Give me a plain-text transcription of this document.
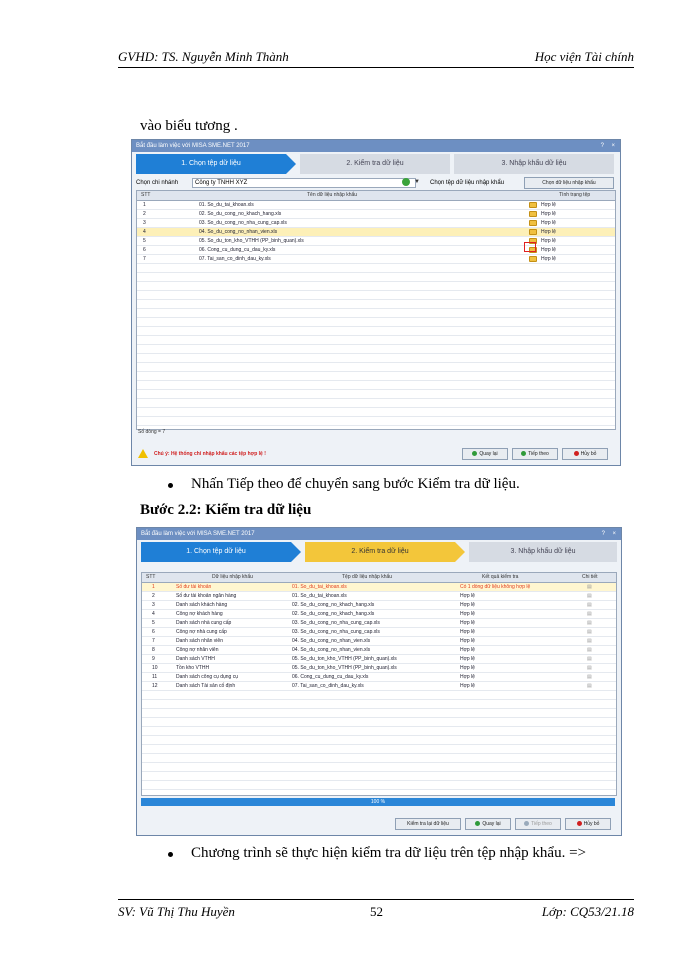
GVHD: TS. Nguyễn Minh Thành	Học viện Tài chính
vào biểu tương .
Bắt đầu làm việc với MISA SME.NET 2017	? ×
1. Chọn tệp dữ liệu	2. Kiểm tra dữ liệu	3. Nhập khẩu dữ liệu
Chọn chi nhánh	Công ty TNHH XYZ	▼ Chọn tệp dữ liệu nhập khẩu	Chọn dữ liệu nhập khẩu
STT	Tên dữ liệu nhập khẩu	Tình trạng tệp
1	01. So_du_tai_khoan.xls	Hợp lệ
2	02. So_du_cong_no_khach_hang.xls	Hợp lệ
3	03. So_du_cong_no_nha_cung_cap.xls	Hợp lệ
4	04. So_du_cong_no_nhan_vien.xls	Hợp lệ
5	05. So_du_ton_kho_VTHH (PP_binh_quan).xls	Hợp lệ
6	06. Cong_cu_dung_cu_dau_ky.xls	Hợp lệ
7	07. Tai_san_co_dinh_dau_ky.xls	Hợp lệ
Số dòng = 7
Chú ý: Hệ thống chỉ nhập khẩu các tệp hợp lệ !	Quay lại	Tiếp theo	Hủy bỏ
Nhấn Tiếp theo để chuyển sang bước Kiểm tra dữ liệu.
Bước 2.2: Kiểm tra dữ liệu
Bắt đầu làm việc với MISA SME.NET 2017	? ×
1. Chọn tệp dữ liệu	2. Kiểm tra dữ liệu	3. Nhập khẩu dữ liệu
STT	Dữ liệu nhập khẩu	Tệp dữ liệu nhập khẩu	Kết quả kiểm tra	Chi tiết
1	Số dư tài khoản	01. So_du_tai_khoan.xls	Có 1 dòng dữ liệu không hợp lệ	▤
2	Số dư tài khoản ngân hàng	01. So_du_tai_khoan.xls	Hợp lệ	▤
3	Danh sách khách hàng	02. So_du_cong_no_khach_hang.xls	Hợp lệ	▤
4	Công nợ khách hàng	02. So_du_cong_no_khach_hang.xls	Hợp lệ	▤
5	Danh sách nhà cung cấp	03. So_du_cong_no_nha_cung_cap.xls	Hợp lệ	▤
6	Công nợ nhà cung cấp	03. So_du_cong_no_nha_cung_cap.xls	Hợp lệ	▤
7	Danh sách nhân viên	04. So_du_cong_no_nhan_vien.xls	Hợp lệ	▤
8	Công nợ nhân viên	04. So_du_cong_no_nhan_vien.xls	Hợp lệ	▤
9	Danh sách VTHH	05. So_du_ton_kho_VTHH (PP_binh_quan).xls	Hợp lệ	▤
10	Tồn kho VTHH	05. So_du_ton_kho_VTHH (PP_binh_quan).xls	Hợp lệ	▤
11	Danh sách công cụ dụng cụ	06. Cong_cu_dung_cu_dau_ky.xls	Hợp lệ	▤
12	Danh sách Tài sản cố định	07. Tai_san_co_dinh_dau_ky.xls	Hợp lệ	▤
100 %
Kiểm tra lại dữ liệu	Quay lại	Tiếp theo	Hủy bỏ
Chương trình sẽ thực hiện kiểm tra dữ liệu trên tệp nhập khẩu. =>
SV: Vũ Thị Thu Huyền	52	Lớp: CQ53/21.18
